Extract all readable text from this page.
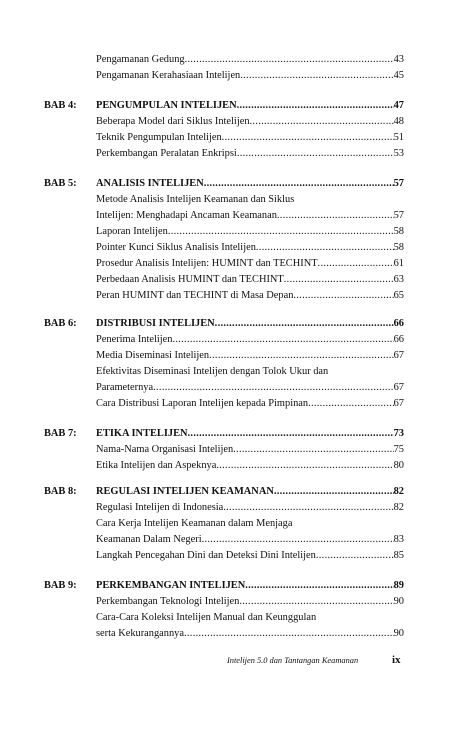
Pengamanan Gedung .....	43
Pengamanan Kerahasiaan Intelijen .....	45
BAB 4: PENGUMPULAN INTELIJEN .....	47
Beberapa Model dari Siklus Intelijen .....	48
Teknik Pengumpulan Intelijen .....	51
Perkembangan Peralatan Enkripsi .....	53
BAB 5: ANALISIS INTELIJEN .....	57
Metode Analisis Intelijen Keamanan dan Siklus
Intelijen: Menghadapi Ancaman Keamanan .....	57
Laporan Intelijen .....	58
Pointer Kunci Siklus Analisis Intelijen .....	58
Prosedur Analisis Intelijen: HUMINT dan TECHINT .....	61
Perbedaan Analisis HUMINT dan TECHINT .....	63
Peran HUMINT dan TECHINT di Masa Depan .....	65
BAB 6: DISTRIBUSI INTELIJEN .....	66
Penerima Intelijen .....	66
Media Diseminasi Intelijen .....	67
Efektivitas Diseminasi Intelijen dengan Tolok Ukur dan
Parameternya .....	67
Cara Distribusi Laporan Intelijen kepada Pimpinan .....	67
BAB 7: ETIKA INTELIJEN .....	73
Nama-Nama Organisasi Intelijen .....	75
Etika Intelijen dan Aspeknya .....	80
BAB 8: REGULASI INTELIJEN KEAMANAN .....	82
Regulasi Intelijen di Indonesia .....	82
Cara Kerja Intelijen Keamanan dalam Menjaga
Keamanan Dalam Negeri .....	83
Langkah Pencegahan Dini dan Deteksi Dini Intelijen .....	85
BAB 9: PERKEMBANGAN INTELIJEN .....	89
Perkembangan Teknologi Intelijen .....	90
Cara-Cara Koleksi Intelijen Manual dan Keunggulan
serta Kekurangannya .....	90
Intelijen 5.0 dan Tantangan Keamanan	ix
